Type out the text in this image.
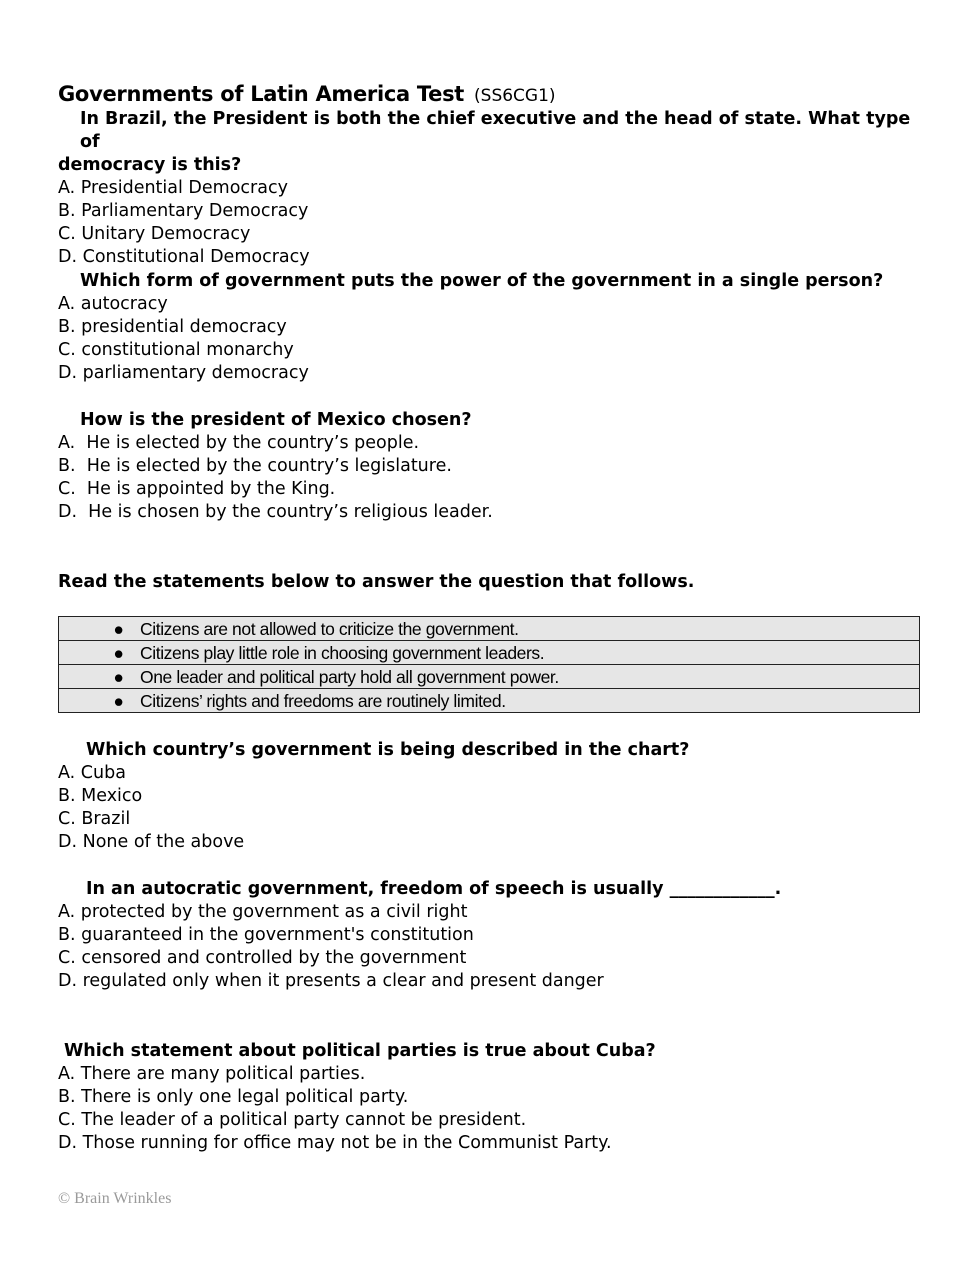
Governments of Latin America Test (SS6CG1)
In Brazil, the President is both the chief executive and the head of state. What type of
democracy is this?
A. Presidential Democracy
B. Parliamentary Democracy
C. Unitary Democracy
D. Constitutional Democracy
Which form of government puts the power of the government in a single person?
A. autocracy
B. presidential democracy
C. constitutional monarchy
D. parliamentary democracy
How is the president of Mexico chosen?
A.  He is elected by the country’s people.
B.  He is elected by the country’s legislature.
C.  He is appointed by the King.
D.  He is chosen by the country’s religious leader.
Read the statements below to answer the question that follows.
● Citizens are not allowed to criticize the government.
● Citizens play little role in choosing government leaders.
● One leader and political party hold all government power.
● Citizens’ rights and freedoms are routinely limited.
Which country’s government is being described in the chart?
A. Cuba
B. Mexico
C. Brazil
D. None of the above
In an autocratic government, freedom of speech is usually ____________.
A. protected by the government as a civil right
B. guaranteed in the government's constitution
C. censored and controlled by the government
D. regulated only when it presents a clear and present danger
Which statement about political parties is true about Cuba?
A. There are many political parties.
B. There is only one legal political party.
C. The leader of a political party cannot be president.
D. Those running for office may not be in the Communist Party.
© Brain Wrinkles
